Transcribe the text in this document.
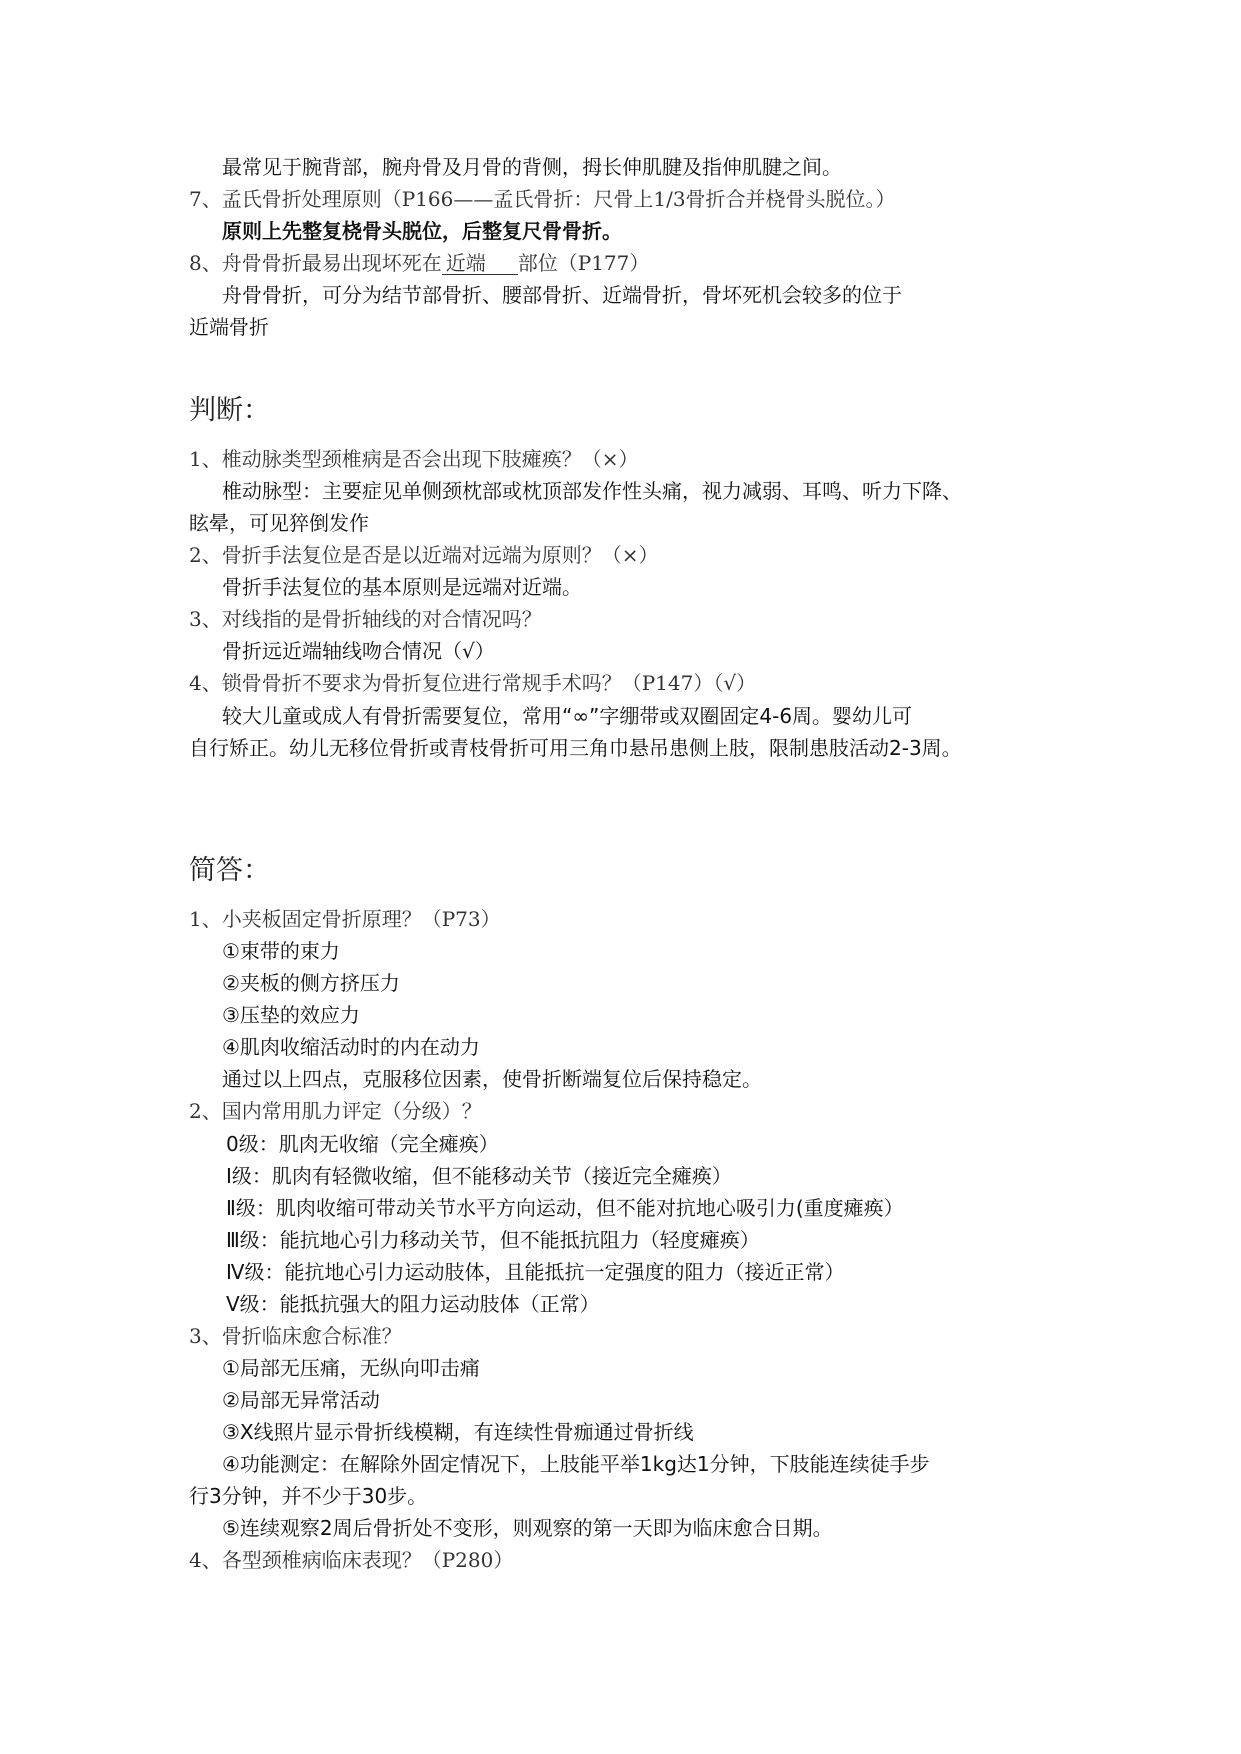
最常见于腕背部，腕舟骨及月骨的背侧，拇长伸肌腱及指伸肌腱之间。
7、孟氏骨折处理原则（P166——孟氏骨折：尺骨上1/3骨折合并桡骨头脱位。）
原则上先整复桡骨头脱位，后整复尺骨骨折。
8、舟骨骨折最易出现坏死在 近端 部位（P177）
舟骨骨折，可分为结节部骨折、腰部骨折、近端骨折，骨坏死机会较多的位于
近端骨折
判断：
1、椎动脉类型颈椎病是否会出现下肢瘫痪？（×）
椎动脉型：主要症见单侧颈枕部或枕顶部发作性头痛，视力减弱、耳鸣、听力下降、
眩晕，可见猝倒发作
2、骨折手法复位是否是以近端对远端为原则？（×）
骨折手法复位的基本原则是远端对近端。
3、对线指的是骨折轴线的对合情况吗？
骨折远近端轴线吻合情况（√）
4、锁骨骨折不要求为骨折复位进行常规手术吗？（P147）（√）
较大儿童或成人有骨折需要复位，常用“∞”字绷带或双圈固定4-6周。婴幼儿可
自行矫正。幼儿无移位骨折或青枝骨折可用三角巾悬吊患侧上肢，限制患肢活动2-3周。
简答：
1、小夹板固定骨折原理？（P73）
①束带的束力
②夹板的侧方挤压力
③压垫的效应力
④肌肉收缩活动时的内在动力
通过以上四点，克服移位因素，使骨折断端复位后保持稳定。
2、国内常用肌力评定（分级）？
0级：肌肉无收缩（完全瘫痪）
Ⅰ级：肌肉有轻微收缩，但不能移动关节（接近完全瘫痪）
Ⅱ级：肌肉收缩可带动关节水平方向运动，但不能对抗地心吸引力(重度瘫痪）
Ⅲ级：能抗地心引力移动关节，但不能抵抗阻力（轻度瘫痪）
Ⅳ级：能抗地心引力运动肢体，且能抵抗一定强度的阻力（接近正常）
Ⅴ级：能抵抗强大的阻力运动肢体（正常）
3、骨折临床愈合标准？
①局部无压痛，无纵向叩击痛
②局部无异常活动
③X线照片显示骨折线模糊，有连续性骨痂通过骨折线
④功能测定：在解除外固定情况下，上肢能平举1kg达1分钟，下肢能连续徒手步
行3分钟，并不少于30步。
⑤连续观察2周后骨折处不变形，则观察的第一天即为临床愈合日期。
4、各型颈椎病临床表现？（P280）
